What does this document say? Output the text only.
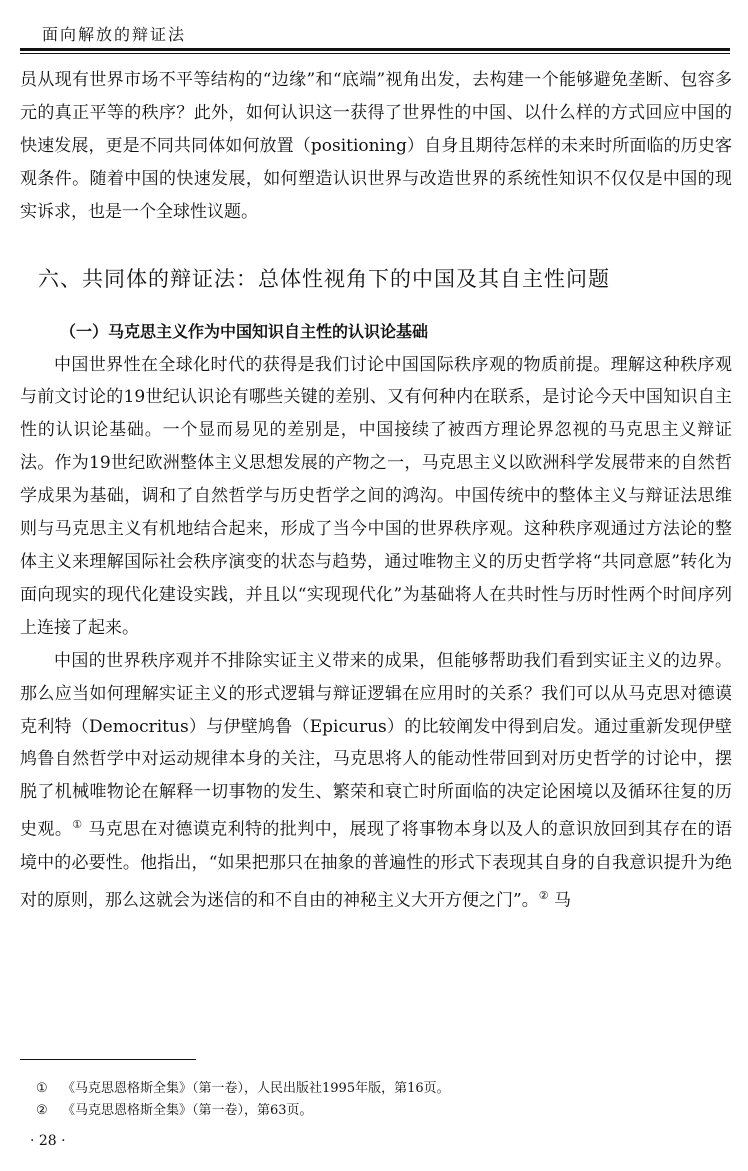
面向解放的辩证法

员从现有世界市场不平等结构的“边缘”和“底端”视角出发，去构建一个能够避免垄断、包容多元的真正平等的秩序？此外，如何认识这一获得了世界性的中国、以什么样的方式回应中国的快速发展，更是不同共同体如何放置（positioning）自身且期待怎样的未来时所面临的历史客观条件。随着中国的快速发展，如何塑造认识世界与改造世界的系统性知识不仅仅是中国的现实诉求，也是一个全球性议题。

六、共同体的辩证法：总体性视角下的中国及其自主性问题
（一）马克思主义作为中国知识自主性的认识论基础

中国世界性在全球化时代的获得是我们讨论中国国际秩序观的物质前提。理解这种秩序观与前文讨论的19世纪认识论有哪些关键的差别、又有何种内在联系，是讨论今天中国知识自主性的认识论基础。一个显而易见的差别是，中国接续了被西方理论界忽视的马克思主义辩证法。作为19世纪欧洲整体主义思想发展的产物之一，马克思主义以欧洲科学发展带来的自然哲学成果为基础，调和了自然哲学与历史哲学之间的鸿沟。中国传统中的整体主义与辩证法思维则与马克思主义有机地结合起来，形成了当今中国的世界秩序观。这种秩序观通过方法论的整体主义来理解国际社会秩序演变的状态与趋势，通过唯物主义的历史哲学将“共同意愿”转化为面向现实的现代化建设实践，并且以“实现现代化”为基础将人在共时性与历时性两个时间序列上连接了起来。

中国的世界秩序观并不排除实证主义带来的成果，但能够帮助我们看到实证主义的边界。那么应当如何理解实证主义的形式逻辑与辩证逻辑在应用时的关系？我们可以从马克思对德谟克利特（Democritus）与伊壁鸠鲁（Epicurus）的比较阐发中得到启发。通过重新发现伊壁鸠鲁自然哲学中对运动规律本身的关注，马克思将人的能动性带回到对历史哲学的讨论中，摆脱了机械唯物论在解释一切事物的发生、繁荣和衰亡时所面临的决定论困境以及循环往复的历史观。① 马克思在对德谟克利特的批判中，展现了将事物本身以及人的意识放回到其存在的语境中的必要性。他指出，“如果把那只在抽象的普遍性的形式下表现其自身的自我意识提升为绝对的原则，那么这就会为迷信的和不自由的神秘主义大开方便之门”。② 马

① 《马克思恩格斯全集》（第一卷），人民出版社1995年版，第16页。
② 《马克思恩格斯全集》（第一卷），第63页。
· 28 ·
